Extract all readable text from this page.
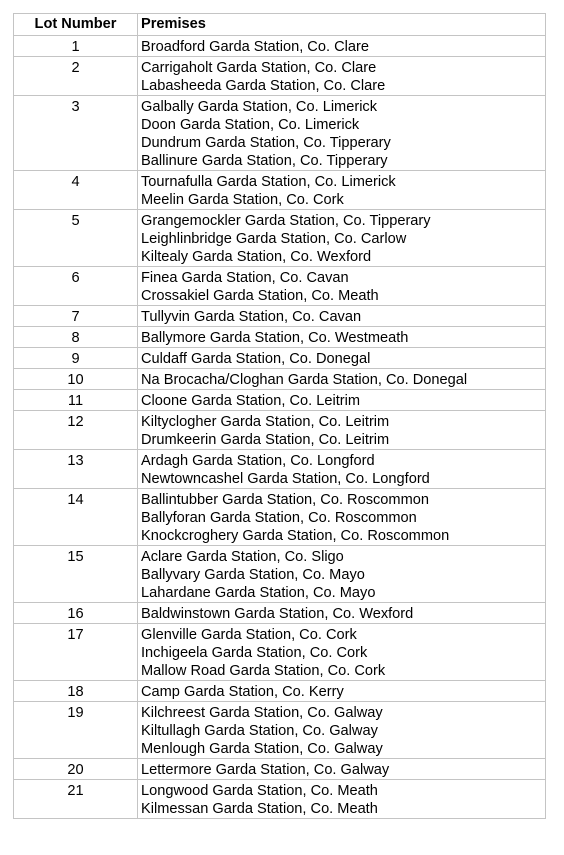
Lot Number	Premises
1	Broadford Garda Station, Co. Clare

2	Carrigaholt Garda Station, Co. Clare
Labasheeda Garda Station, Co. Clare

3	Galbally Garda Station, Co. Limerick
Doon Garda Station, Co. Limerick
Dundrum Garda Station, Co. Tipperary
Ballinure Garda Station, Co. Tipperary

4	Tournafulla Garda Station, Co. Limerick
Meelin Garda Station, Co. Cork

5	Grangemockler Garda Station, Co. Tipperary
Leighlinbridge Garda Station, Co. Carlow
Kiltealy Garda Station, Co. Wexford

6	Finea Garda Station, Co. Cavan
Crossakiel Garda Station, Co. Meath

7	Tullyvin Garda Station, Co. Cavan

8	Ballymore Garda Station, Co. Westmeath

9	Culdaff Garda Station, Co. Donegal

10	Na Brocacha/Cloghan Garda Station, Co. Donegal

11	Cloone Garda Station, Co. Leitrim

12	Kiltyclogher Garda Station, Co. Leitrim
Drumkeerin Garda Station, Co. Leitrim

13	Ardagh Garda Station, Co. Longford
Newtowncashel Garda Station, Co. Longford

14	Ballintubber Garda Station, Co. Roscommon
Ballyforan Garda Station, Co. Roscommon
Knockcroghery Garda Station, Co. Roscommon

15	Aclare Garda Station, Co. Sligo
Ballyvary Garda Station, Co. Mayo
Lahardane Garda Station, Co. Mayo

16	Baldwinstown Garda Station, Co. Wexford

17	Glenville Garda Station, Co. Cork
Inchigeela Garda Station, Co. Cork
Mallow Road Garda Station, Co. Cork

18	Camp Garda Station, Co. Kerry

19	Kilchreest Garda Station, Co. Galway
Kiltullagh Garda Station, Co. Galway
Menlough Garda Station, Co. Galway

20	Lettermore Garda Station, Co. Galway

21	Longwood Garda Station, Co. Meath
Kilmessan Garda Station, Co. Meath
